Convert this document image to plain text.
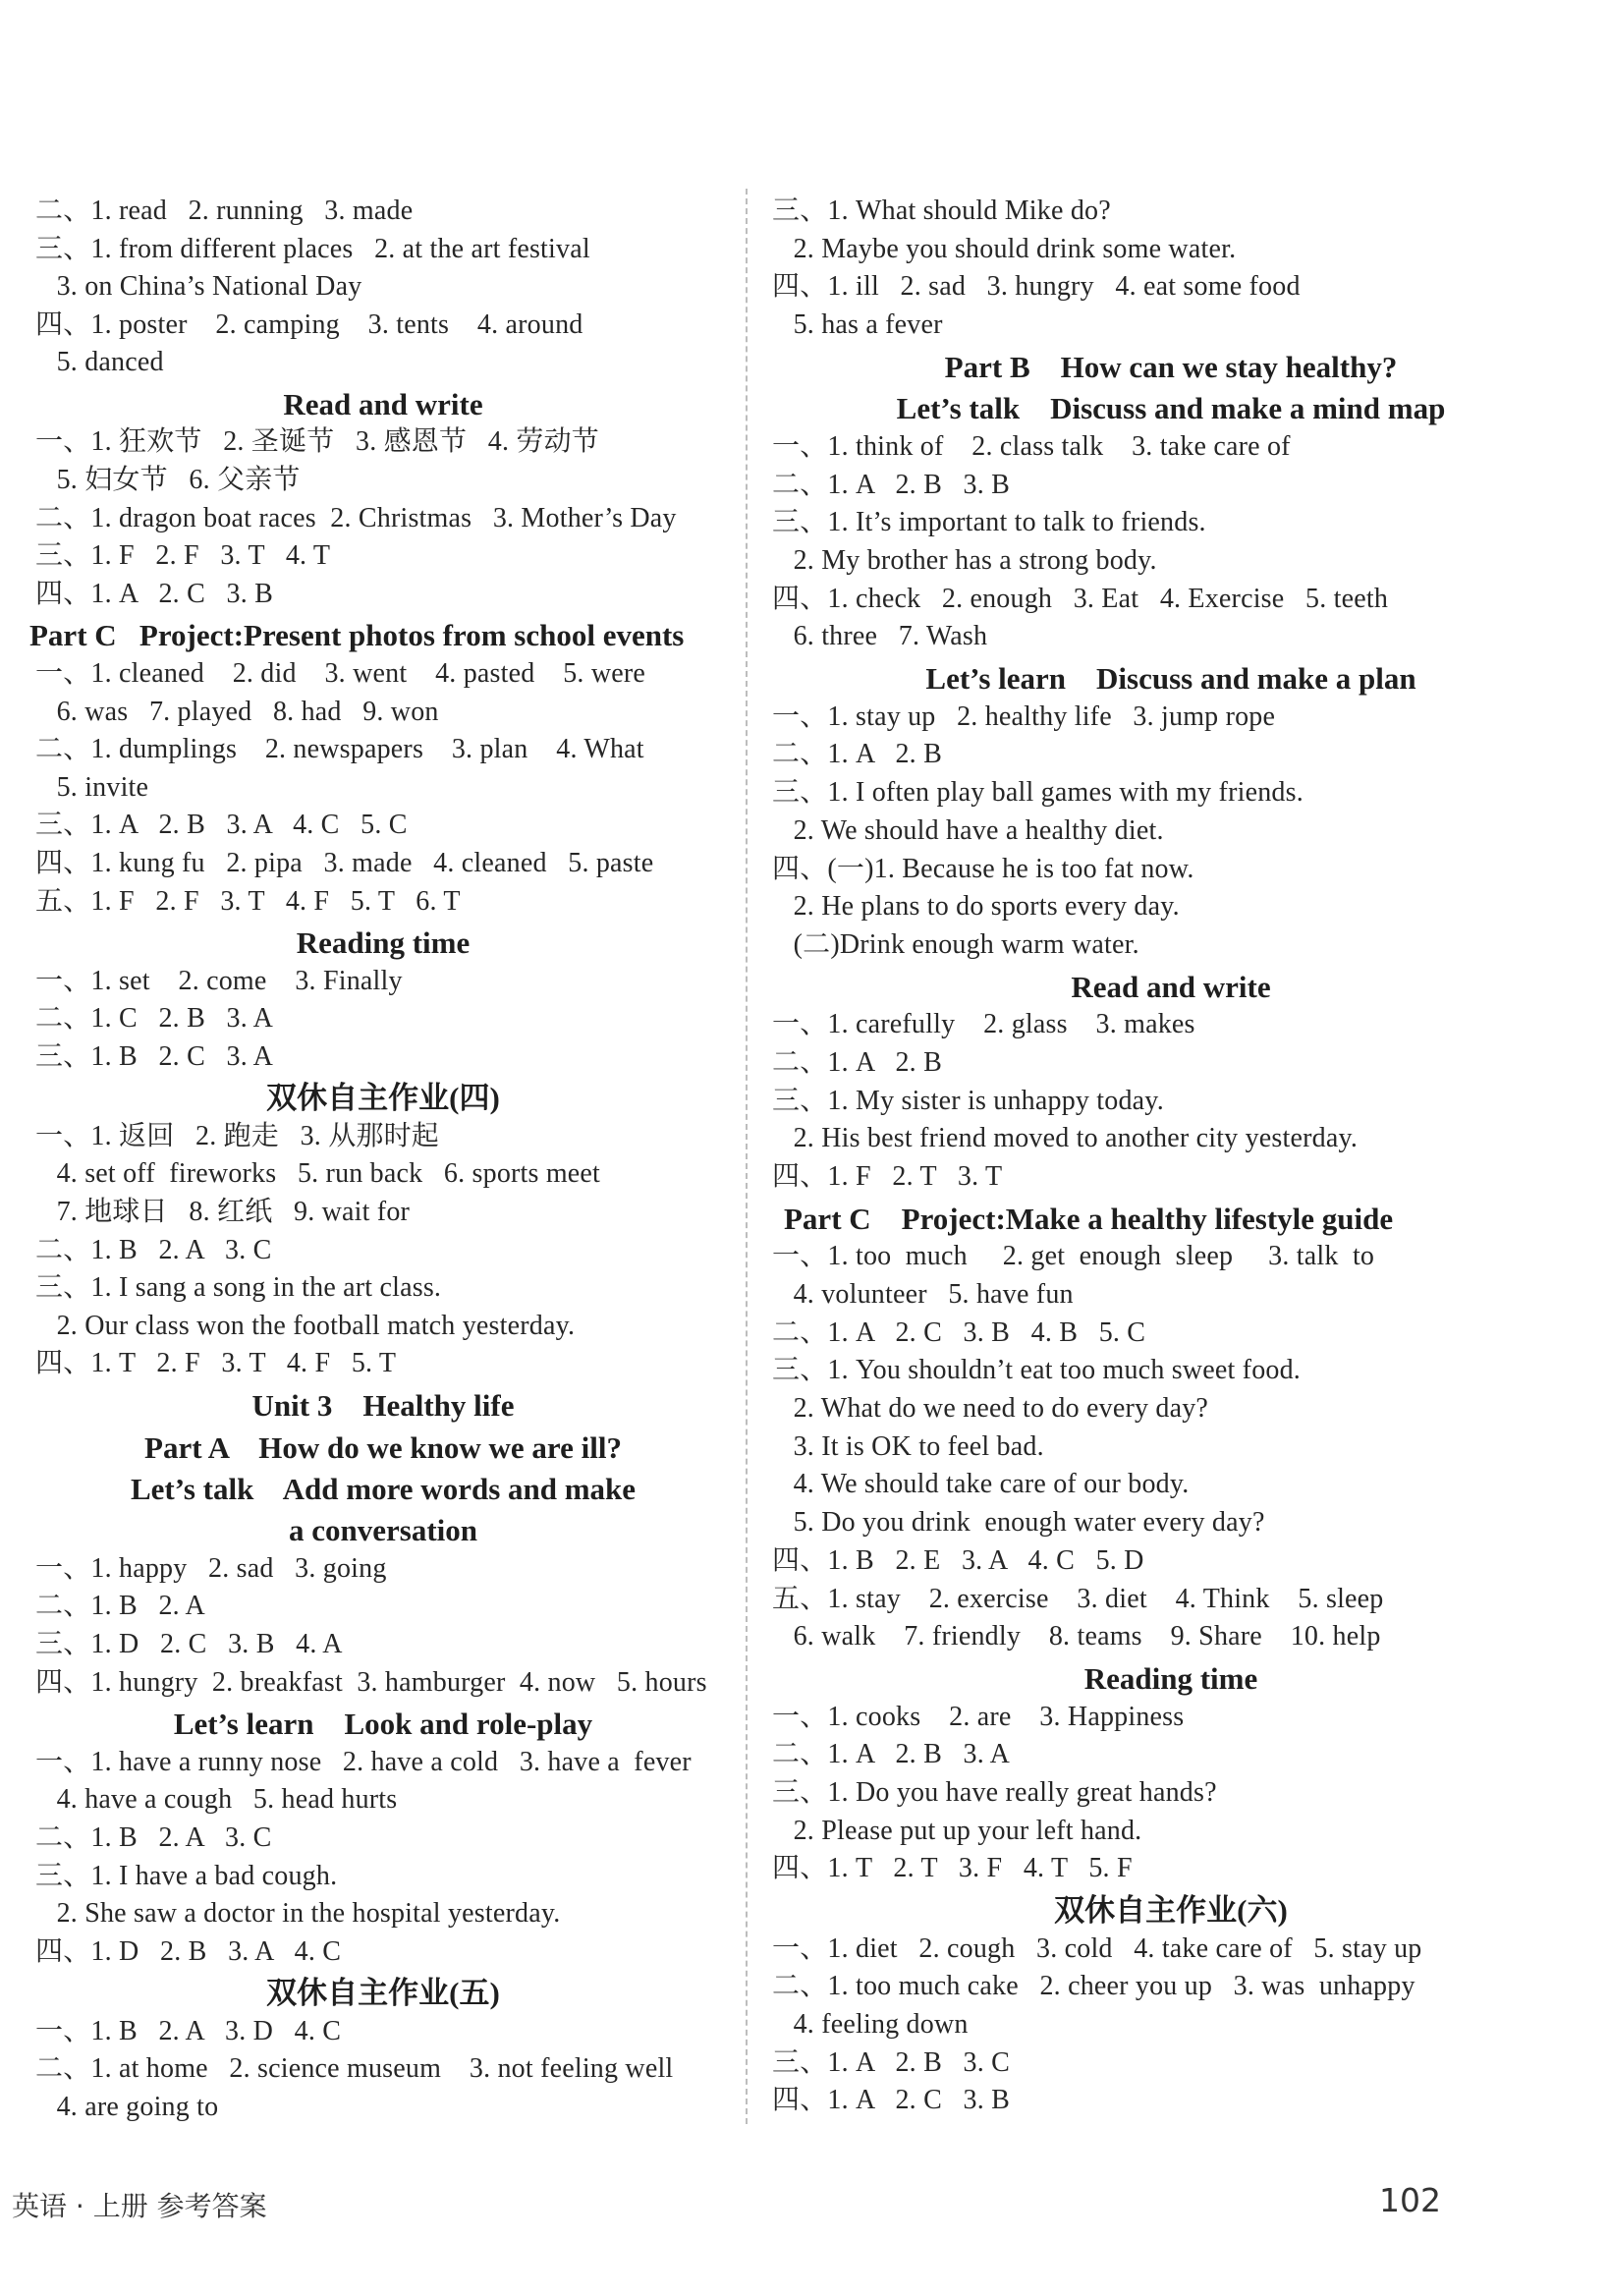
二、1. read   2. running   3. made
三、1. from different places   2. at the art festival
3. on China’s National Day
四、1. poster    2. camping    3. tents    4. around
5. danced
Read and write
一、1. 狂欢节   2. 圣诞节   3. 感恩节   4. 劳动节
5. 妇女节   6. 父亲节
二、1. dragon boat races  2. Christmas   3. Mother’s Day
三、1. F   2. F   3. T   4. T
四、1. A   2. C   3. B
Part C   Project:Present photos from school events
一、1. cleaned    2. did    3. went    4. pasted    5. were
6. was   7. played   8. had   9. won
二、1. dumplings    2. newspapers    3. plan    4. What
5. invite
三、1. A   2. B   3. A   4. C   5. C
四、1. kung fu   2. pipa   3. made   4. cleaned   5. paste
五、1. F   2. F   3. T   4. F   5. T   6. T
Reading time
一、1. set    2. come    3. Finally
二、1. C   2. B   3. A
三、1. B   2. C   3. A
双休自主作业(四)
一、1. 返回   2. 跑走   3. 从那时起
4. set off  fireworks   5. run back   6. sports meet
7. 地球日   8. 红纸   9. wait for
二、1. B   2. A   3. C
三、1. I sang a song in the art class.
2. Our class won the football match yesterday.
四、1. T   2. F   3. T   4. F   5. T
Unit 3    Healthy life
Part A    How do we know we are ill?
Let’s talk    Add more words and make
a conversation
一、1. happy   2. sad   3. going
二、1. B   2. A
三、1. D   2. C   3. B   4. A
四、1. hungry  2. breakfast  3. hamburger  4. now   5. hours
Let’s learn    Look and role-play
一、1. have a runny nose   2. have a cold   3. have a  fever
4. have a cough   5. head hurts
二、1. B   2. A   3. C
三、1. I have a bad cough.
2. She saw a doctor in the hospital yesterday.
四、1. D   2. B   3. A   4. C
双休自主作业(五)
一、1. B   2. A   3. D   4. C
二、1. at home   2. science museum    3. not feeling well
4. are going to
三、1. What should Mike do?
2. Maybe you should drink some water.
四、1. ill   2. sad   3. hungry   4. eat some food
5. has a fever
Part B    How can we stay healthy?
Let’s talk    Discuss and make a mind map
一、1. think of    2. class talk    3. take care of
二、1. A   2. B   3. B
三、1. It’s important to talk to friends.
2. My brother has a strong body.
四、1. check   2. enough   3. Eat   4. Exercise   5. teeth
6. three   7. Wash
Let’s learn    Discuss and make a plan
一、1. stay up   2. healthy life   3. jump rope
二、1. A   2. B
三、1. I often play ball games with my friends.
2. We should have a healthy diet.
四、(一)1. Because he is too fat now.
2. He plans to do sports every day.
(二)Drink enough warm water.
Read and write
一、1. carefully    2. glass    3. makes
二、1. A   2. B
三、1. My sister is unhappy today.
2. His best friend moved to another city yesterday.
四、1. F   2. T   3. T
Part C    Project:Make a healthy lifestyle guide
一、1. too  much     2. get  enough  sleep     3. talk  to
4. volunteer   5. have fun
二、1. A   2. C   3. B   4. B   5. C
三、1. You shouldn’t eat too much sweet food.
2. What do we need to do every day?
3. It is OK to feel bad.
4. We should take care of our body.
5. Do you drink  enough water every day?
四、1. B   2. E   3. A   4. C   5. D
五、1. stay    2. exercise    3. diet    4. Think    5. sleep
6. walk    7. friendly    8. teams    9. Share    10. help
Reading time
一、1. cooks    2. are    3. Happiness
二、1. A   2. B   3. A
三、1. Do you have really great hands?
2. Please put up your left hand.
四、1. T   2. T   3. F   4. T   5. F
双休自主作业(六)
一、1. diet   2. cough   3. cold   4. take care of   5. stay up
二、1. too much cake   2. cheer you up   3. was  unhappy
4. feeling down
三、1. A   2. B   3. C
四、1. A   2. C   3. B
英语 · 上册 参考答案	102
